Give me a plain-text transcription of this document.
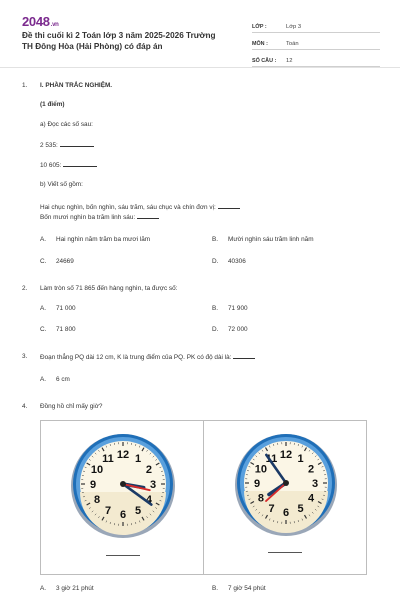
2048.vn
Đề thi cuối kì 2 Toán lớp 3 năm 2025-2026 Trường TH Đông Hòa (Hải Phòng) có đáp án
LỚP :	Lớp 3
MÔN :	Toán
SỐ CÂU :	12
1. I. PHẦN TRẮC NGHIỆM.
(1 điểm)
a) Đọc các số sau:
2 535:
10 605:
b) Viết số gồm:
Hai chục nghìn, bốn nghìn, sáu trăm, sáu chục và chín đơn vị:
Bốn mươi nghìn ba trăm linh sáu:
A. Hai nghìn năm trăm ba mươi lăm	B. Mười nghìn sáu trăm linh năm
C. 24669	D. 40306
2. Làm tròn số 71 865 đến hàng nghìn, ta được số:
A. 71 000	B. 71 900
C. 71 800	D. 72 000
3. Đoạn thẳng PQ dài 12 cm, K là trung điểm của PQ. PK có độ dài là:
A. 6 cm
4. Đồng hồ chỉ mấy giờ?
12 1
2
3
4
5
6
7
8
9
10
11	12 1
2
3
4
5
6
7
8
9
10
11
A. 3 giờ 21 phút	B. 7 giờ 54 phút
